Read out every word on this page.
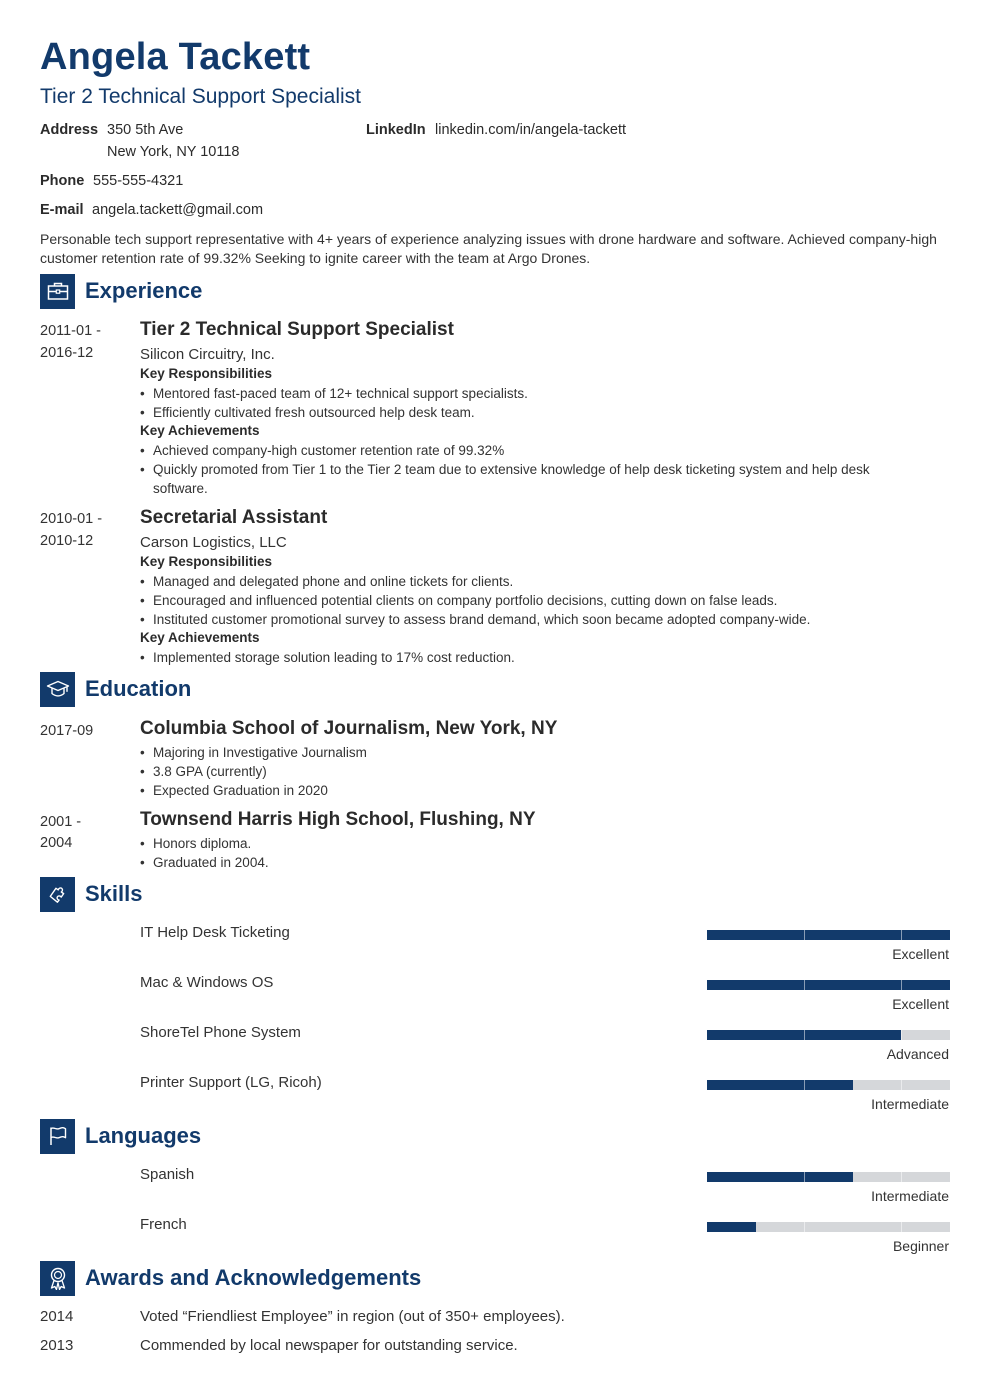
Angela Tackett
Tier 2 Technical Support Specialist
Address 350 5th Ave
New York, NY 10118
LinkedIn linkedin.com/in/angela-tackett
Phone 555-555-4321
E-mail angela.tackett@gmail.com
Personable tech support representative with 4+ years of experience analyzing issues with drone hardware and software. Achieved company-high customer retention rate of 99.32% Seeking to ignite career with the team at Argo Drones.
Experience
2011-01 -
2016-12
Tier 2 Technical Support Specialist
Silicon Circuitry, Inc.
Key Responsibilities
• Mentored fast-paced team of 12+ technical support specialists.
• Efficiently cultivated fresh outsourced help desk team.
Key Achievements
• Achieved company-high customer retention rate of 99.32%
• Quickly promoted from Tier 1 to the Tier 2 team due to extensive knowledge of help desk ticketing system and help desk software.
2010-01 -
2010-12
Secretarial Assistant
Carson Logistics, LLC
Key Responsibilities
• Managed and delegated phone and online tickets for clients.
• Encouraged and influenced potential clients on company portfolio decisions, cutting down on false leads.
• Instituted customer promotional survey to assess brand demand, which soon became adopted company-wide.
Key Achievements
• Implemented storage solution leading to 17% cost reduction.
Education
2017-09 Columbia School of Journalism, New York, NY
• Majoring in Investigative Journalism
• 3.8 GPA (currently)
• Expected Graduation in 2020
2001 -
2004
Townsend Harris High School, Flushing, NY
• Honors diploma.
• Graduated in 2004.
Skills
IT Help Desk Ticketing
Excellent
Mac & Windows OS
Excellent
ShoreTel Phone System
Advanced
Printer Support (LG, Ricoh)
Intermediate
Languages
Spanish
Intermediate
French
Beginner
Awards and Acknowledgements
2014	Voted “Friendliest Employee” in region (out of 350+ employees).
2013	Commended by local newspaper for outstanding service.
